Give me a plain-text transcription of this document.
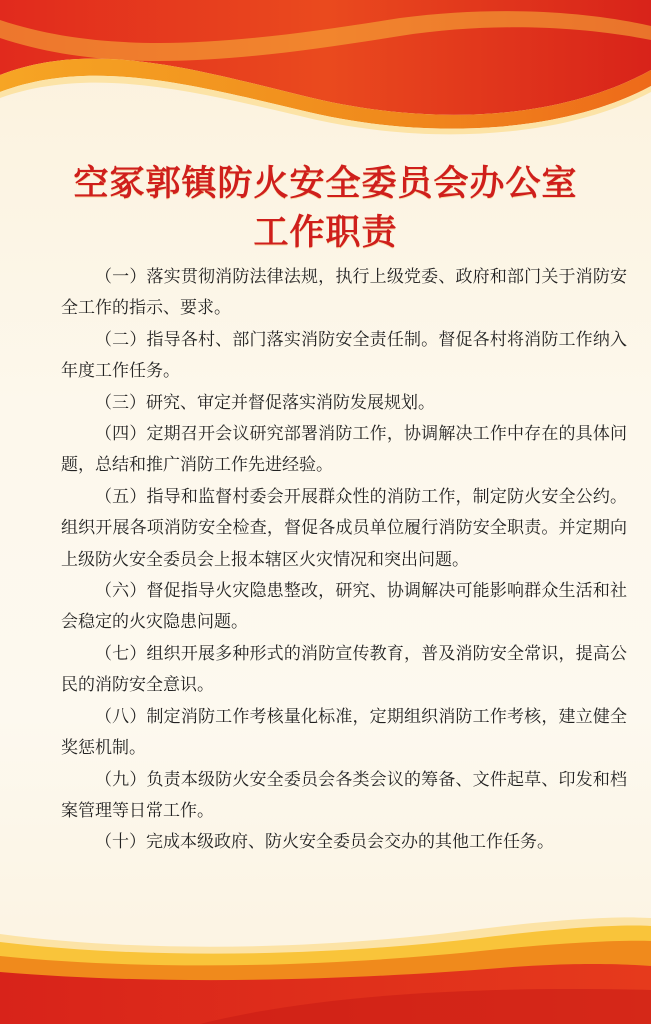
空冢郭镇防火安全委员会办公室
工作职责

（一）落实贯彻消防法律法规，执行上级党委、政府和部门关于消防安全工作的指示、要求。

（二）指导各村、部门落实消防安全责任制。督促各村将消防工作纳入年度工作任务。

（三）研究、审定并督促落实消防发展规划。

（四）定期召开会议研究部署消防工作，协调解决工作中存在的具体问题，总结和推广消防工作先进经验。

（五）指导和监督村委会开展群众性的消防工作，制定防火安全公约。组织开展各项消防安全检查，督促各成员单位履行消防安全职责。并定期向上级防火安全委员会上报本辖区火灾情况和突出问题。

（六）督促指导火灾隐患整改，研究、协调解决可能影响群众生活和社会稳定的火灾隐患问题。

（七）组织开展多种形式的消防宣传教育，普及消防安全常识，提高公民的消防安全意识。

（八）制定消防工作考核量化标准，定期组织消防工作考核，建立健全奖惩机制。

（九）负责本级防火安全委员会各类会议的筹备、文件起草、印发和档案管理等日常工作。

（十）完成本级政府、防火安全委员会交办的其他工作任务。
